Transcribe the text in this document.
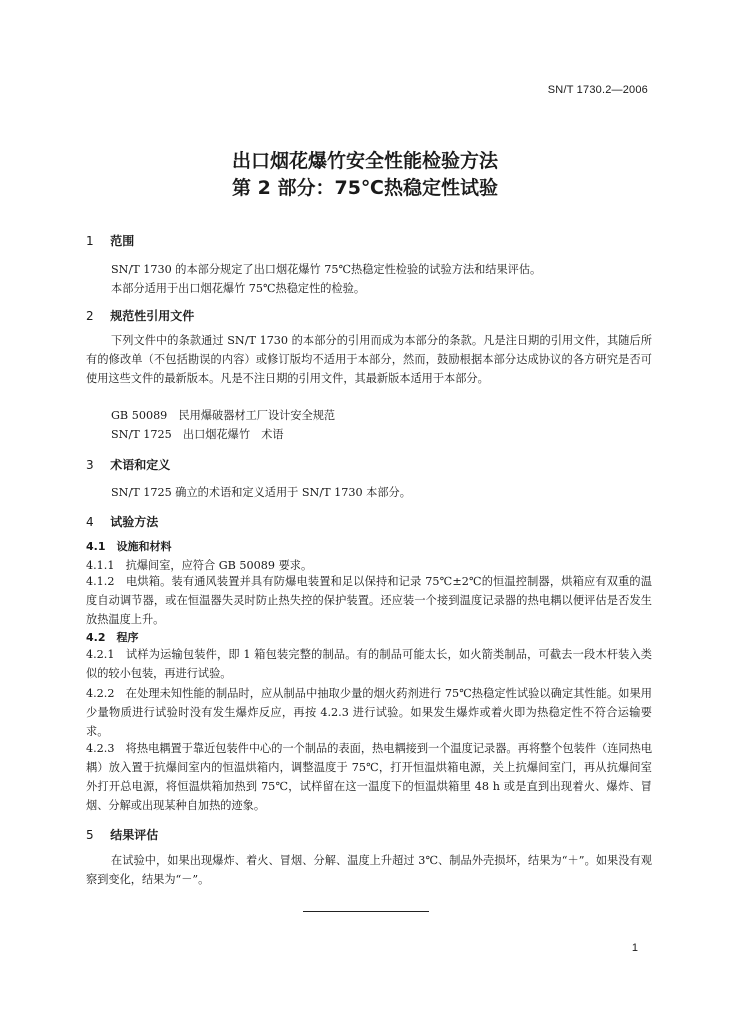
SN/T 1730.2—2006
出口烟花爆竹安全性能检验方法
第 2 部分：75℃热稳定性试验
1 范围
SN/T 1730 的本部分规定了出口烟花爆竹 75℃热稳定性检验的试验方法和结果评估。
本部分适用于出口烟花爆竹 75℃热稳定性的检验。
2 规范性引用文件
下列文件中的条款通过 SN/T 1730 的本部分的引用而成为本部分的条款。凡是注日期的引用文件，其随后所有的修改单（不包括勘误的内容）或修订版均不适用于本部分，然而，鼓励根据本部分达成协议的各方研究是否可使用这些文件的最新版本。凡是不注日期的引用文件，其最新版本适用于本部分。
GB 50089　民用爆破器材工厂设计安全规范
SN/T 1725　出口烟花爆竹　术语
3 术语和定义
SN/T 1725 确立的术语和定义适用于 SN/T 1730 本部分。
4 试验方法
4.1　设施和材料
4.1.1　抗爆间室，应符合 GB 50089 要求。
4.1.2　电烘箱。装有通风装置并具有防爆电装置和足以保持和记录 75℃±2℃的恒温控制器，烘箱应有双重的温度自动调节器，或在恒温器失灵时防止热失控的保护装置。还应装一个接到温度记录器的热电耦以便评估是否发生放热温度上升。
4.2　程序
4.2.1　试样为运输包装件，即 1 箱包装完整的制品。有的制品可能太长，如火箭类制品，可截去一段木杆装入类似的较小包装，再进行试验。
4.2.2　在处理未知性能的制品时，应从制品中抽取少量的烟火药剂进行 75℃热稳定性试验以确定其性能。如果用少量物质进行试验时没有发生爆炸反应，再按 4.2.3 进行试验。如果发生爆炸或着火即为热稳定性不符合运输要求。
4.2.3　将热电耦置于靠近包装件中心的一个制品的表面，热电耦接到一个温度记录器。再将整个包装件（连同热电耦）放入置于抗爆间室内的恒温烘箱内，调整温度于 75℃，打开恒温烘箱电源，关上抗爆间室门，再从抗爆间室外打开总电源，将恒温烘箱加热到 75℃，试样留在这一温度下的恒温烘箱里 48 h 或是直到出现着火、爆炸、冒烟、分解或出现某种自加热的迹象。
5 结果评估
在试验中，如果出现爆炸、着火、冒烟、分解、温度上升超过 3℃、制品外壳损坏，结果为“＋”。如果没有观察到变化，结果为“－”。
1
